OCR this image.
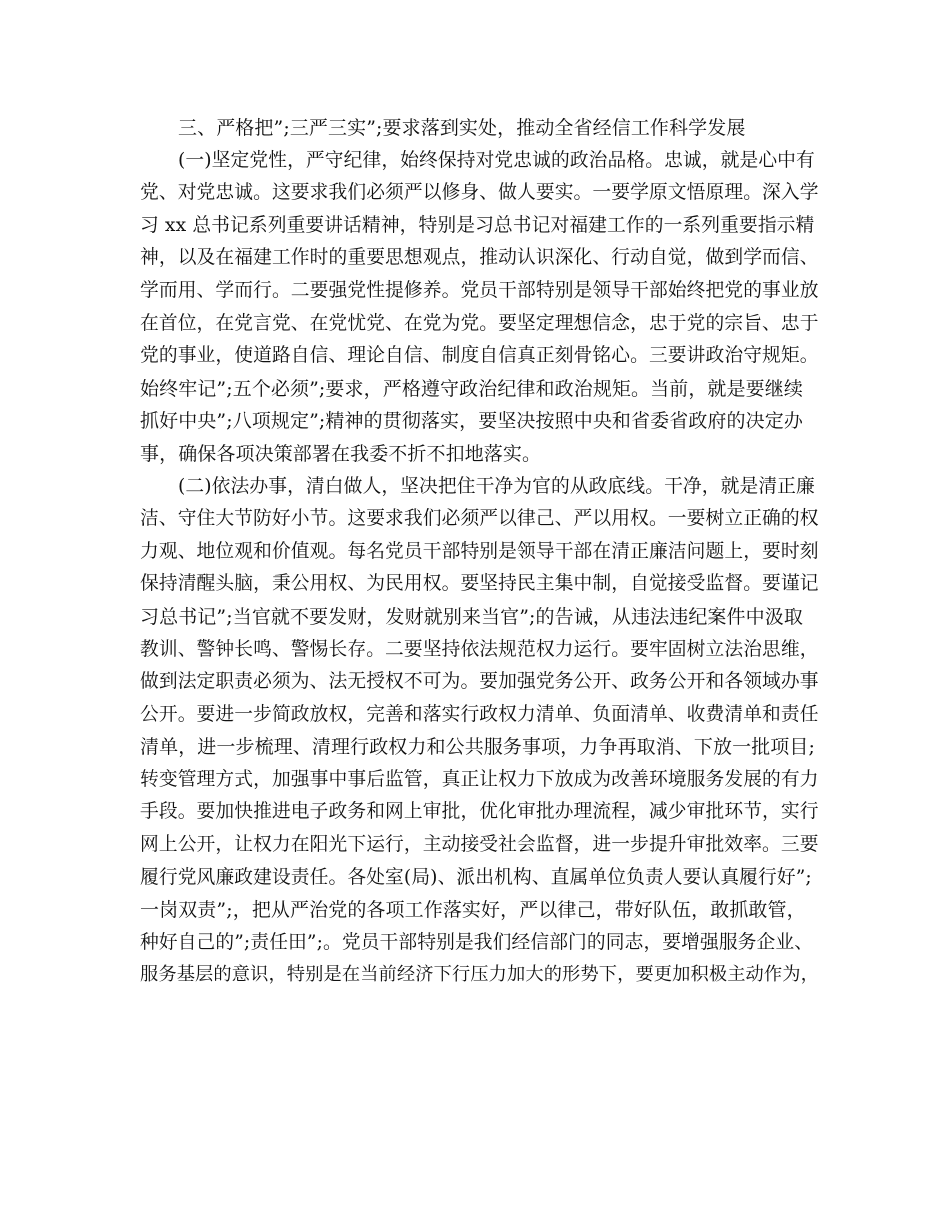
三、严格把”;三严三实”;要求落到实处，推动全省经信工作科学发展
(一)坚定党性，严守纪律，始终保持对党忠诚的政治品格。忠诚，就是心中有
党、对党忠诚。这要求我们必须严以修身、做人要实。一要学原文悟原理。深入学
习 xx 总书记系列重要讲话精神，特别是习总书记对福建工作的一系列重要指示精
神，以及在福建工作时的重要思想观点，推动认识深化、行动自觉，做到学而信、
学而用、学而行。二要强党性提修养。党员干部特别是领导干部始终把党的事业放
在首位，在党言党、在党忧党、在党为党。要坚定理想信念，忠于党的宗旨、忠于
党的事业，使道路自信、理论自信、制度自信真正刻骨铭心。三要讲政治守规矩。
始终牢记”;五个必须”;要求，严格遵守政治纪律和政治规矩。当前，就是要继续
抓好中央”;八项规定”;精神的贯彻落实，要坚决按照中央和省委省政府的决定办
事，确保各项决策部署在我委不折不扣地落实。
(二)依法办事，清白做人，坚决把住干净为官的从政底线。干净，就是清正廉
洁、守住大节防好小节。这要求我们必须严以律己、严以用权。一要树立正确的权
力观、地位观和价值观。每名党员干部特别是领导干部在清正廉洁问题上，要时刻
保持清醒头脑，秉公用权、为民用权。要坚持民主集中制，自觉接受监督。要谨记
习总书记”;当官就不要发财，发财就别来当官”;的告诫，从违法违纪案件中汲取
教训、警钟长鸣、警惕长存。二要坚持依法规范权力运行。要牢固树立法治思维，
做到法定职责必须为、法无授权不可为。要加强党务公开、政务公开和各领域办事
公开。要进一步简政放权，完善和落实行政权力清单、负面清单、收费清单和责任
清单，进一步梳理、清理行政权力和公共服务事项，力争再取消、下放一批项目;
转变管理方式，加强事中事后监管，真正让权力下放成为改善环境服务发展的有力
手段。要加快推进电子政务和网上审批，优化审批办理流程，减少审批环节，实行
网上公开，让权力在阳光下运行，主动接受社会监督，进一步提升审批效率。三要
履行党风廉政建设责任。各处室(局)、派出机构、直属单位负责人要认真履行好”;
一岗双责”;，把从严治党的各项工作落实好，严以律己，带好队伍，敢抓敢管，
种好自己的”;责任田”;。党员干部特别是我们经信部门的同志，要增强服务企业、
服务基层的意识，特别是在当前经济下行压力加大的形势下，要更加积极主动作为，
